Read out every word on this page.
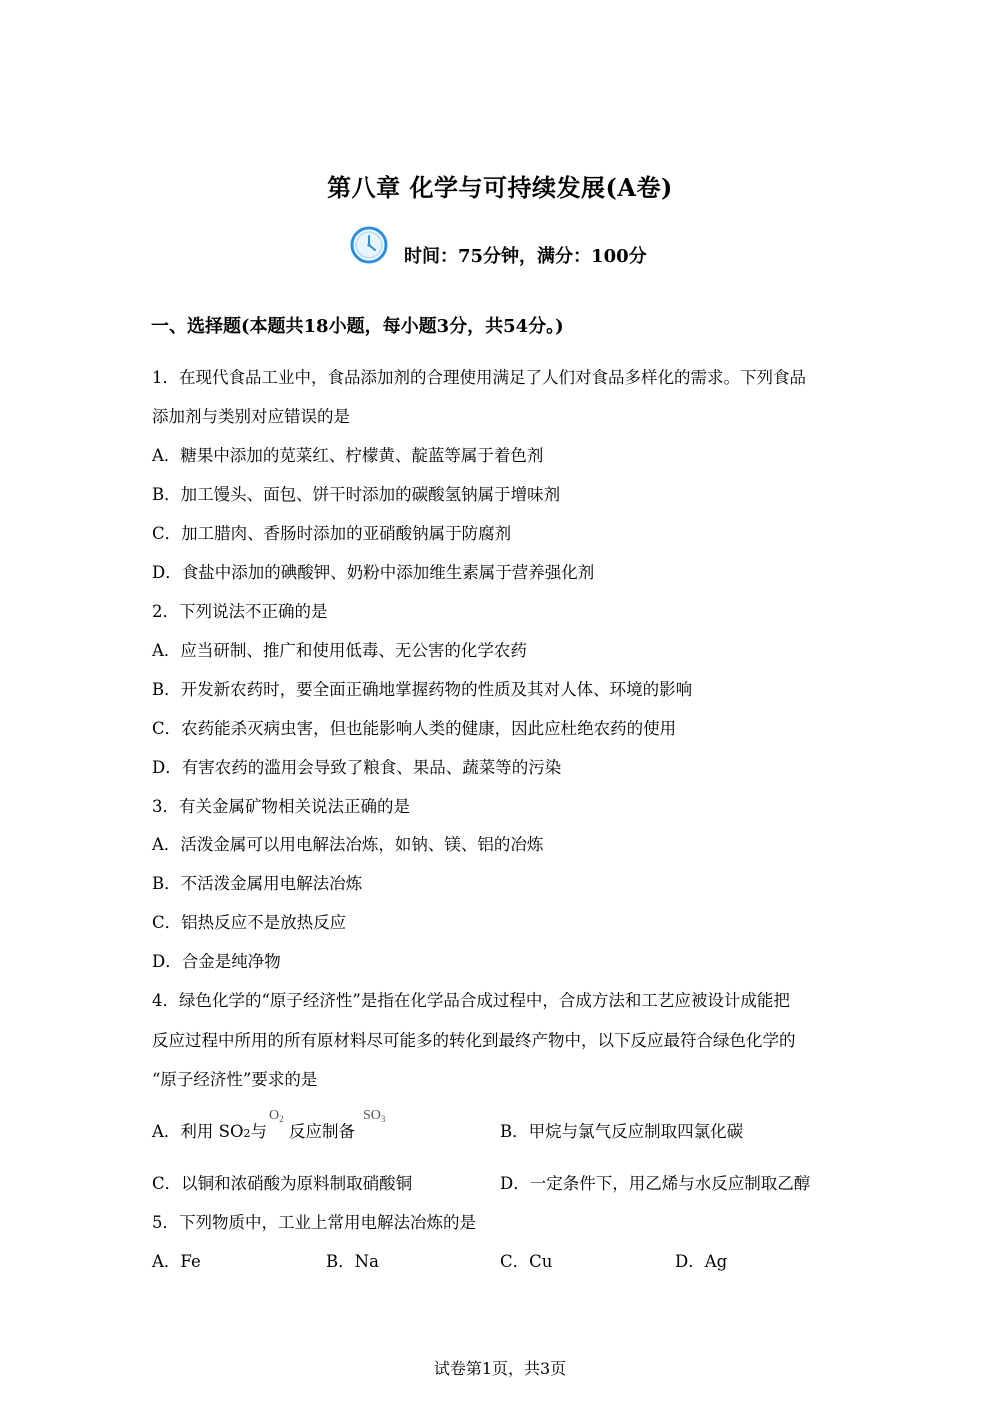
第八章 化学与可持续发展(A卷)
时间：75分钟，满分：100分
一、选择题(本题共18小题，每小题3分，共54分。)
1．在现代食品工业中，食品添加剂的合理使用满足了人们对食品多样化的需求。下列食品
添加剂与类别对应错误的是
A．糖果中添加的苋菜红、柠檬黄、靛蓝等属于着色剂
B．加工馒头、面包、饼干时添加的碳酸氢钠属于增味剂
C．加工腊肉、香肠时添加的亚硝酸钠属于防腐剂
D．食盐中添加的碘酸钾、奶粉中添加维生素属于营养强化剂
2．下列说法不正确的是
A．应当研制、推广和使用低毒、无公害的化学农药
B．开发新农药时，要全面正确地掌握药物的性质及其对人体、环境的影响
C．农药能杀灭病虫害，但也能影响人类的健康，因此应杜绝农药的使用
D．有害农药的滥用会导致了粮食、果品、蔬菜等的污染
3．有关金属矿物相关说法正确的是
A．活泼金属可以用电解法冶炼，如钠、镁、铝的冶炼
B．不活泼金属用电解法冶炼
C．铝热反应不是放热反应
D．合金是纯净物
4．绿色化学的“原子经济性”是指在化学品合成过程中，合成方法和工艺应被设计成能把
反应过程中所用的所有原材料尽可能多的转化到最终产物中，以下反应最符合绿色化学的
“原子经济性”要求的是
A．利用 SO2与 反应制备
$O_2$	$SO_3$
B．甲烷与氯气反应制取四氯化碳
C．以铜和浓硝酸为原料制取硝酸铜	D．一定条件下，用乙烯与水反应制取乙醇
5．下列物质中，工业上常用电解法冶炼的是
A．Fe	B．Na	C．Cu	D．Ag
试卷第1页，共3页
